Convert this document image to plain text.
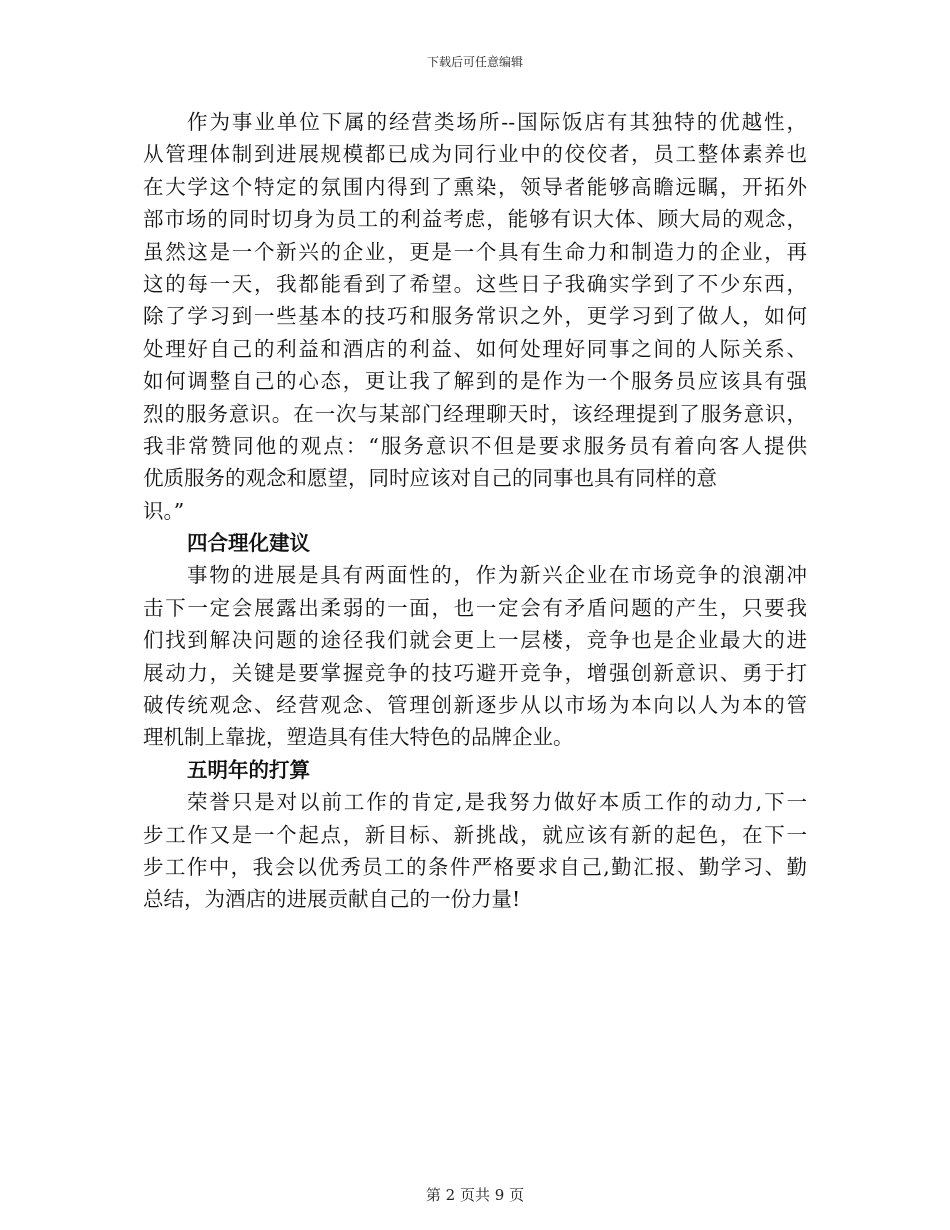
下载后可任意编辑
作为事业单位下属的经营类场所--国际饭店有其独特的优越性，
从管理体制到进展规模都已成为同行业中的佼佼者，员工整体素养也
在大学这个特定的氛围内得到了熏染，领导者能够高瞻远瞩，开拓外
部市场的同时切身为员工的利益考虑，能够有识大体、顾大局的观念，
虽然这是一个新兴的企业，更是一个具有生命力和制造力的企业，再
这的每一天，我都能看到了希望。这些日子我确实学到了不少东西，
除了学习到一些基本的技巧和服务常识之外，更学习到了做人，如何
处理好自己的利益和酒店的利益、如何处理好同事之间的人际关系、
如何调整自己的心态，更让我了解到的是作为一个服务员应该具有强
烈的服务意识。在一次与某部门经理聊天时，该经理提到了服务意识，
我非常赞同他的观点：“服务意识不但是要求服务员有着向客人提供
优质服务的观念和愿望，同时应该对自己的同事也具有同样的意
识。”
四合理化建议
事物的进展是具有两面性的，作为新兴企业在市场竞争的浪潮冲
击下一定会展露出柔弱的一面，也一定会有矛盾问题的产生，只要我
们找到解决问题的途径我们就会更上一层楼，竞争也是企业最大的进
展动力，关键是要掌握竞争的技巧避开竞争，增强创新意识、勇于打
破传统观念、经营观念、管理创新逐步从以市场为本向以人为本的管
理机制上靠拢，塑造具有佳大特色的品牌企业。
五明年的打算
荣誉只是对以前工作的肯定,是我努力做好本质工作的动力,下一
步工作又是一个起点，新目标、新挑战，就应该有新的起色，在下一
步工作中，我会以优秀员工的条件严格要求自己,勤汇报、勤学习、勤
总结，为酒店的进展贡献自己的一份力量!
第 2 页共 9 页
